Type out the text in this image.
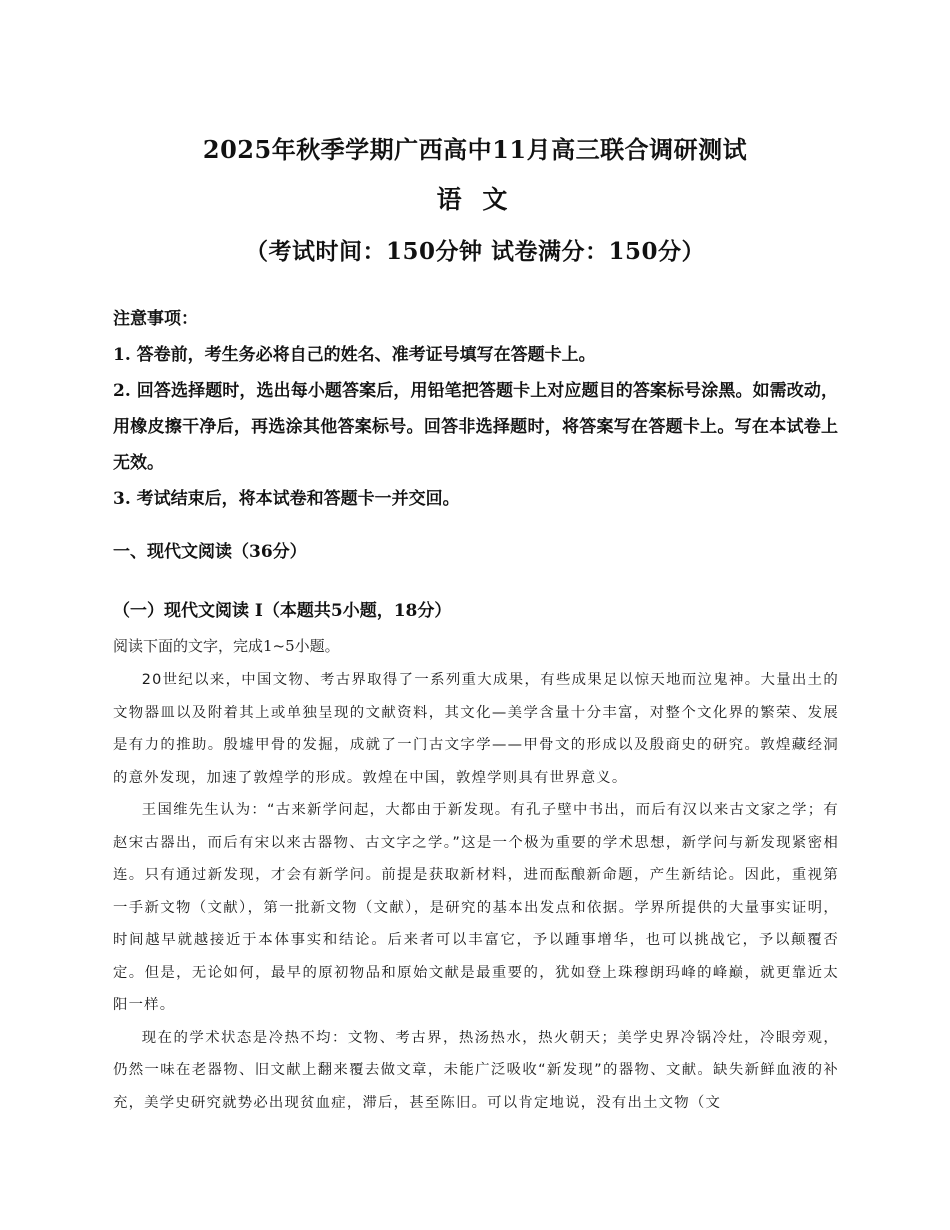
2025年秋季学期广西高中11月高三联合调研测试
语 文
（考试时间：150分钟 试卷满分：150分）
注意事项：
1. 答卷前，考生务必将自己的姓名、准考证号填写在答题卡上。
2. 回答选择题时，选出每小题答案后，用铅笔把答题卡上对应题目的答案标号涂黑。如需改动，用橡皮擦干净后，再选涂其他答案标号。回答非选择题时，将答案写在答题卡上。写在本试卷上无效。
3. 考试结束后，将本试卷和答题卡一并交回。
一、现代文阅读（36分）
（一）现代文阅读 I（本题共5小题，18分）
阅读下面的文字，完成1~5小题。

20世纪以来，中国文物、考古界取得了一系列重大成果，有些成果足以惊天地而泣鬼神。大量出土的文物器皿以及附着其上或单独呈现的文献资料，其文化—美学含量十分丰富，对整个文化界的繁荣、发展是有力的推助。殷墟甲骨的发掘，成就了一门古文字学——甲骨文的形成以及殷商史的研究。敦煌藏经洞的意外发现，加速了敦煌学的形成。敦煌在中国，敦煌学则具有世界意义。

王国维先生认为：“古来新学问起，大都由于新发现。有孔子壁中书出，而后有汉以来古文家之学；有赵宋古器出，而后有宋以来古器物、古文字之学。”这是一个极为重要的学术思想，新学问与新发现紧密相连。只有通过新发现，才会有新学问。前提是获取新材料，进而酝酿新命题，产生新结论。因此，重视第一手新文物（文献），第一批新文物（文献），是研究的基本出发点和依据。学界所提供的大量事实证明，时间越早就越接近于本体事实和结论。后来者可以丰富它，予以踵事增华，也可以挑战它，予以颠覆否定。但是，无论如何，最早的原初物品和原始文献是最重要的，犹如登上珠穆朗玛峰的峰巅，就更靠近太阳一样。

现在的学术状态是冷热不均：文物、考古界，热汤热水，热火朝天；美学史界冷锅冷灶，冷眼旁观，仍然一味在老器物、旧文献上翻来覆去做文章，未能广泛吸收“新发现”的器物、文献。缺失新鲜血液的补充，美学史研究就势必出现贫血症，滞后，甚至陈旧。可以肯定地说，没有出土文物（文
